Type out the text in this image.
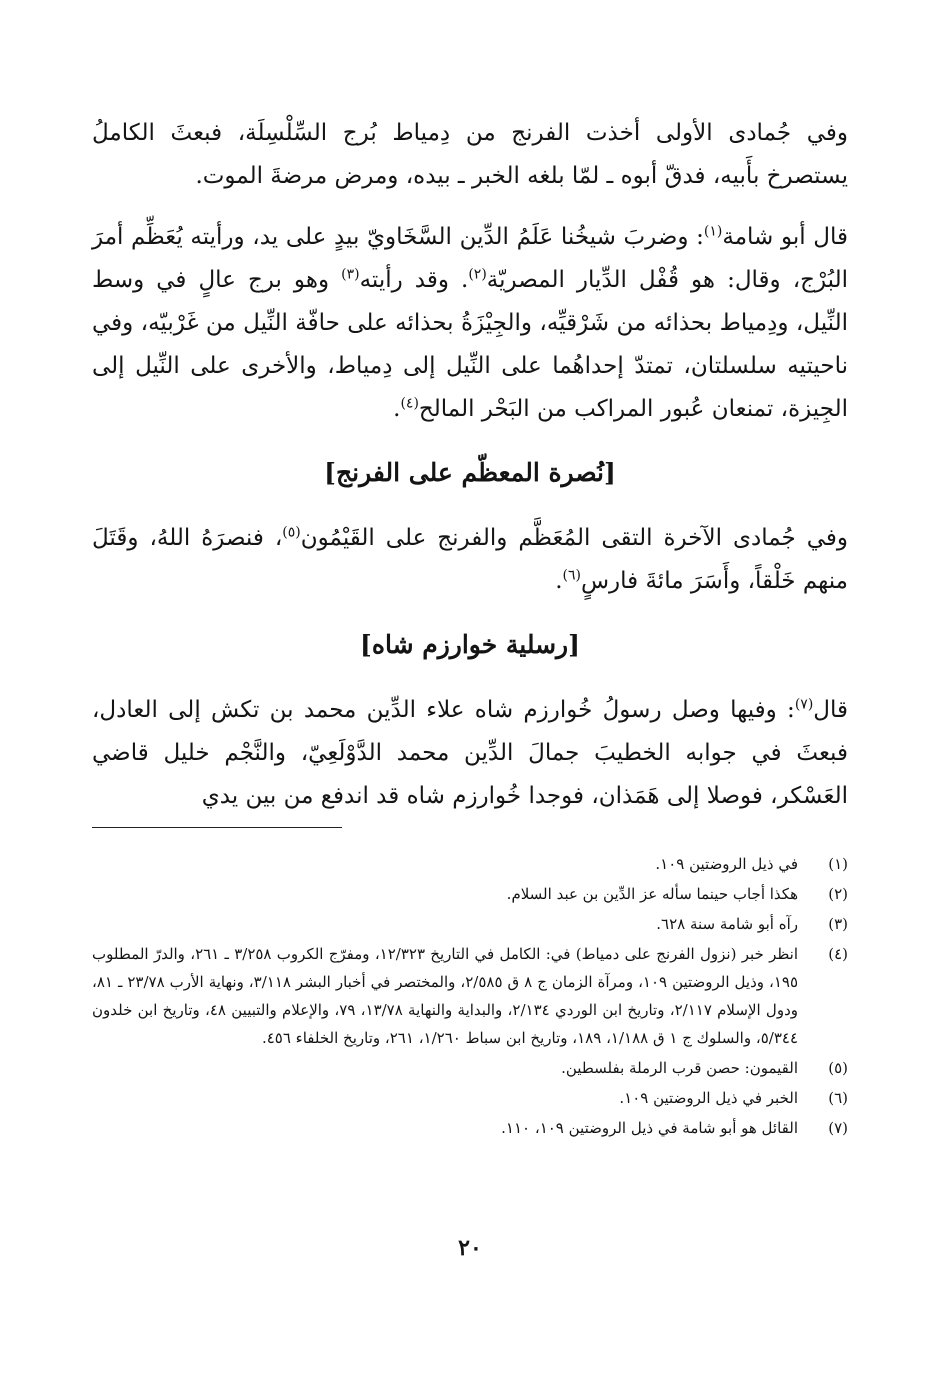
وفي جُمادى الأولى أخذت الفرنج من دِمياط بُرج السِّلْسِلَة، فبعثَ الكاملُ يستصرخ بأَبيه، فدقّ أبوه ـ لمّا بلغه الخبر ـ بيده، ومرض مرضةَ الموت.

قال أبو شامة$^{(١)}$: وضربَ شيخُنا عَلَمُ الدِّين السَّخَاويّ بيدٍ على يد، ورأيته يُعَظِّم أمرَ البُرْج، وقال: هو قُفْل الدِّيار المصريّة$^{(٢)}$. وقد رأيته$^{(٣)}$ وهو برج عالٍ في وسط النِّيل، ودِمياط بحذائه من شَرْقيِّه، والجِيْزَةُ بحذائه على حافّة النِّيل من غَرْبيّه، وفي ناحيتيه سلسلتان، تمتدّ إحداهُما على النِّيل إلى دِمياط، والأخرى على النِّيل إلى الجِيزة، تمنعان عُبور المراكب من البَحْر المالح$^{(٤)}$.

[نُصرة المعظّم على الفرنج]

وفي جُمادى الآخرة التقى المُعَظَّم والفرنج على القَيْمُون$^{(٥)}$، فنصرَهُ اللهُ، وقَتَلَ منهم خَلْقاً، وأَسَرَ مائةَ فارسٍ$^{(٦)}$.

[رسلية خوارزم شاه]

قال$^{(٧)}$: وفيها وصل رسولُ خُوارزم شاه علاء الدِّين محمد بن تكش إلى العادل، فبعثَ في جوابه الخطيبَ جمالَ الدِّين محمد الدَّوْلَعِيّ، والنَّجْم خليل قاضي العَسْكر، فوصلا إلى هَمَذان، فوجدا خُوارزم شاه قد اندفع من بين يدي

(١)
في ذيل الروضتين ١٠٩.
(٢)
هكذا أجاب حينما سأله عز الدِّين بن عبد السلام.
(٣)
رآه أبو شامة سنة ٦٢٨.
(٤)
انظر خبر (نزول الفرنج على دمياط) في: الكامل في التاريخ ١٢/٣٢٣، ومفرّج الكروب ٣/٢٥٨ ـ ٢٦١، والدرّ المطلوب ١٩٥، وذيل الروضتين ١٠٩، ومرآة الزمان ج ٨ ق ٢/٥٨٥، والمختصر في أخبار البشر ٣/١١٨، ونهاية الأرب ٢٣/٧٨ ـ ٨١، ودول الإسلام ٢/١١٧، وتاريخ ابن الوردي ٢/١٣٤، والبداية والنهاية ١٣/٧٨، ٧٩، والإعلام والتبيين ٤٨، وتاريخ ابن خلدون ٥/٣٤٤، والسلوك ج ١ ق ١/١٨٨، ١٨٩، وتاريخ ابن سباط ١/٢٦٠، ٢٦١، وتاريخ الخلفاء ٤٥٦.
(٥)
القيمون: حصن قرب الرملة بفلسطين.
(٦)
الخبر في ذيل الروضتين ١٠٩.
(٧)
القائل هو أبو شامة في ذيل الروضتين ١٠٩، ١١٠.
٢٠
